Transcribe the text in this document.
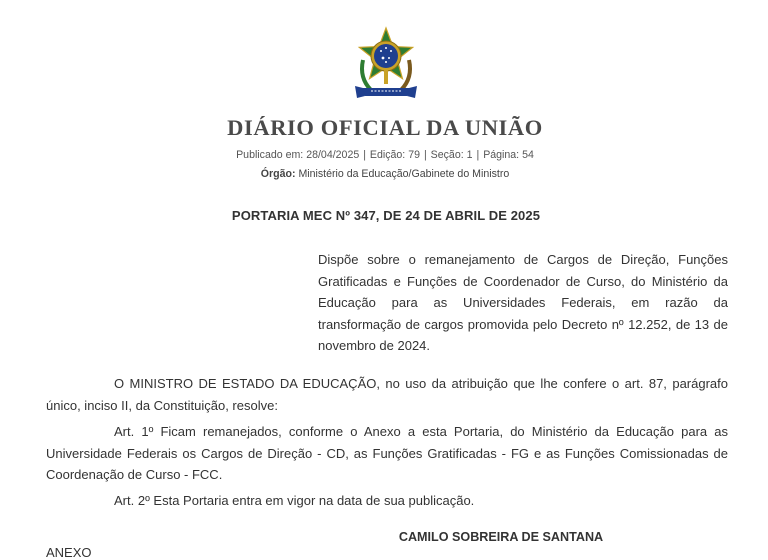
DIÁRIO OFICIAL DA UNIÃO
Publicado em: 28/04/2025 | Edição: 79 | Seção: 1 | Página: 54
Órgão: Ministério da Educação/Gabinete do Ministro
PORTARIA MEC Nº 347, DE 24 DE ABRIL DE 2025
Dispõe sobre o remanejamento de Cargos de Direção, Funções Gratificadas e Funções de Coordenador de Curso, do Ministério da Educação para as Universidades Federais, em razão da transformação de cargos promovida pelo Decreto nº 12.252, de 13 de novembro de 2024.

O MINISTRO DE ESTADO DA EDUCAÇÃO, no uso da atribuição que lhe confere o art. 87, parágrafo único, inciso II, da Constituição, resolve:

Art. 1º Ficam remanejados, conforme o Anexo a esta Portaria, do Ministério da Educação para as Universidade Federais os Cargos de Direção - CD, as Funções Gratificadas - FG e as Funções Comissionadas de Coordenação de Curso - FCC.

Art. 2º Esta Portaria entra em vigor na data de sua publicação.

CAMILO SOBREIRA DE SANTANA
ANEXO
